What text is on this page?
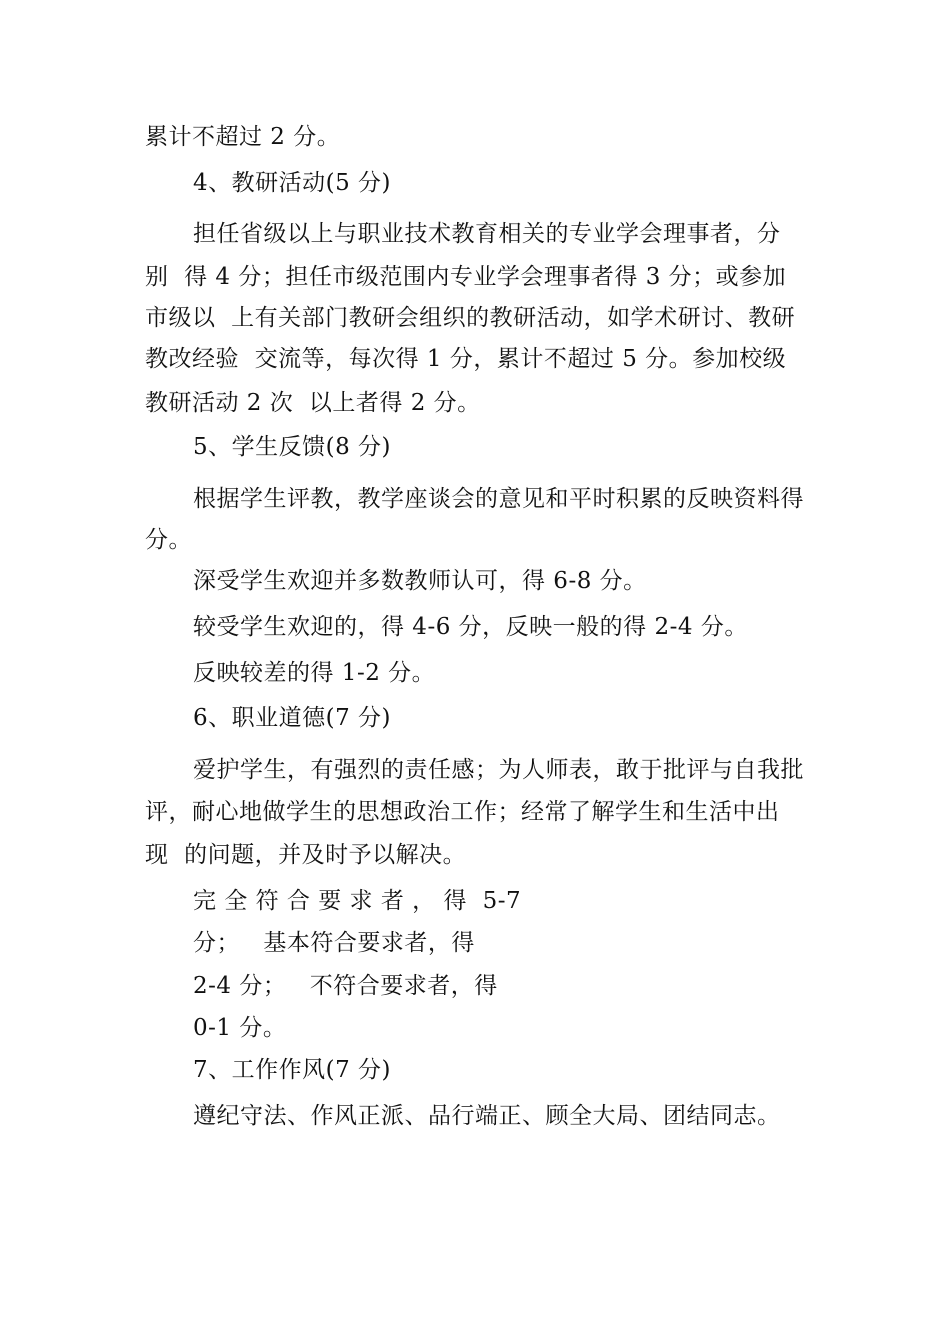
累计不超过 2 分。
4、教研活动(5 分)
担任省级以上与职业技术教育相关的专业学会理事者，分
别  得 4 分；担任市级范围内专业学会理事者得 3 分；或参加
市级以  上有关部门教研会组织的教研活动，如学术研讨、教研
教改经验  交流等，每次得 1 分，累计不超过 5 分。参加校级
教研活动 2 次  以上者得 2 分。
5、学生反馈(8 分)
根据学生评教，教学座谈会的意见和平时积累的反映资料得
分。
深受学生欢迎并多数教师认可，得 6-8 分。
较受学生欢迎的，得 4-6 分，反映一般的得 2-4 分。
反映较差的得 1-2 分。
6、职业道德(7 分)
爱护学生，有强烈的责任感；为人师表，敢于批评与自我批
评，耐心地做学生的思想政治工作；经常了解学生和生活中出
现  的问题，并及时予以解决。
完 全 符 合 要 求 者 ， 得  5-7
分；   基本符合要求者，得
2-4 分；   不符合要求者，得
0-1 分。
7、工作作风(7 分)
遵纪守法、作风正派、品行端正、顾全大局、团结同志。
